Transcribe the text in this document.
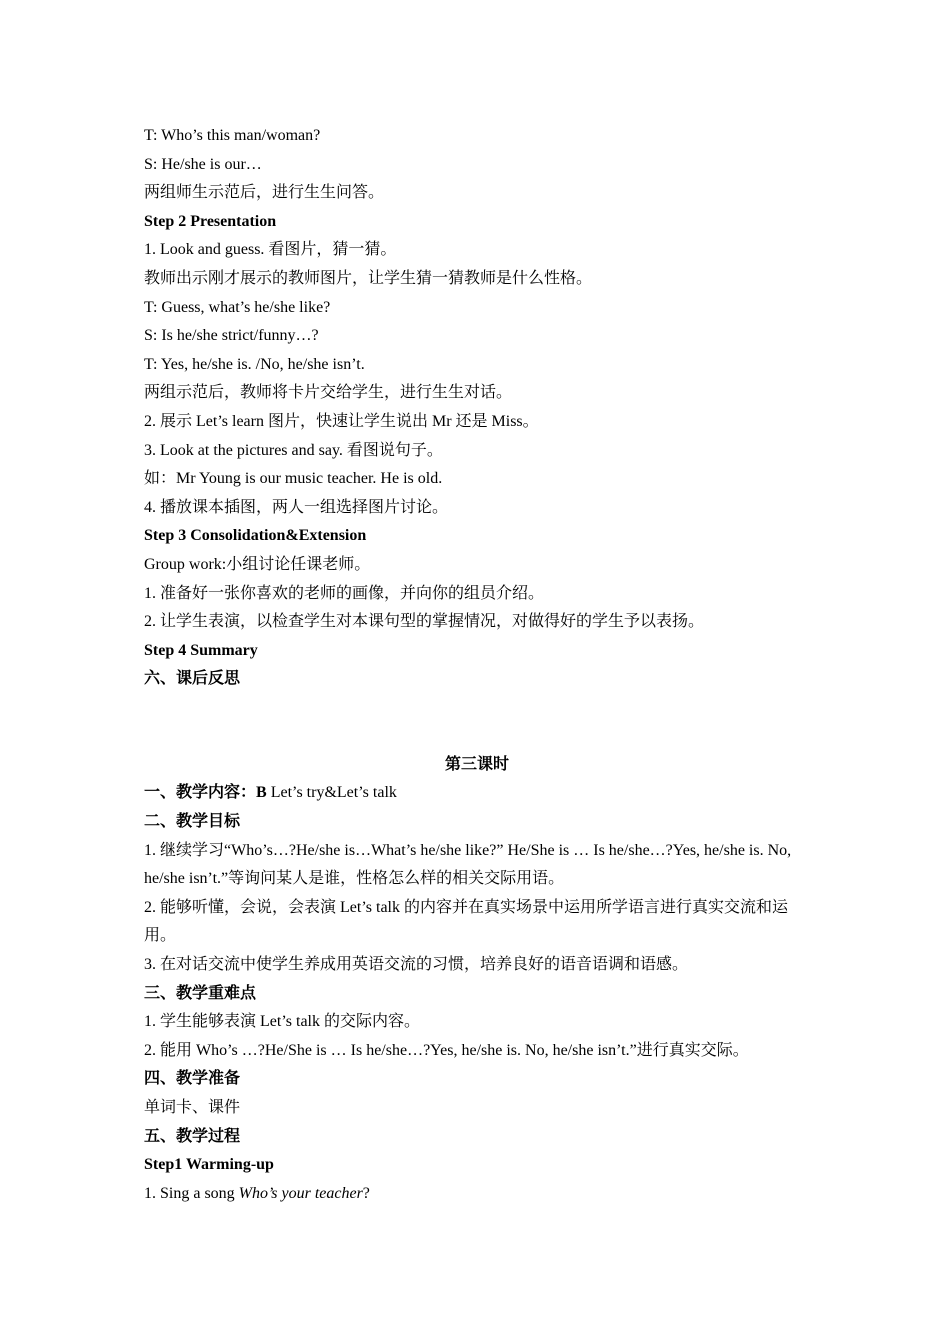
T: Who’s this man/woman?
S: He/she is our…
两组师生示范后，进行生生问答。
Step 2 Presentation
1. Look and guess. 看图片，猜一猜。
教师出示刚才展示的教师图片，让学生猜一猜教师是什么性格。
T: Guess, what’s he/she like?
S: Is he/she strict/funny…?
T: Yes, he/she is. /No, he/she isn’t.
两组示范后，教师将卡片交给学生，进行生生对话。
2. 展示 Let’s learn 图片，快速让学生说出 Mr 还是 Miss。
3. Look at the pictures and say. 看图说句子。
如：Mr Young is our music teacher. He is old.
4. 播放课本插图，两人一组选择图片讨论。
Step 3 Consolidation&Extension
Group work:小组讨论任课老师。
1. 准备好一张你喜欢的老师的画像，并向你的组员介绍。
2. 让学生表演，以检查学生对本课句型的掌握情况，对做得好的学生予以表扬。
Step 4 Summary
六、课后反思
第三课时
一、教学内容：B Let’s try&Let’s talk
二、教学目标
1. 继续学习“Who’s…?He/she is…What’s he/she like?” He/She is … Is he/she…?Yes, he/she is. No, he/she isn’t.”等询问某人是谁，性格怎么样的相关交际用语。
2. 能够听懂，会说，会表演 Let’s talk 的内容并在真实场景中运用所学语言进行真实交流和运用。
3. 在对话交流中使学生养成用英语交流的习惯，培养良好的语音语调和语感。
三、教学重难点
1. 学生能够表演 Let’s talk 的交际内容。
2. 能用 Who’s …?He/She is … Is he/she…?Yes, he/she is. No, he/she isn’t.”进行真实交际。
四、教学准备
单词卡、课件
五、教学过程
Step1 Warming-up
1. Sing a song Who’s your teacher?
